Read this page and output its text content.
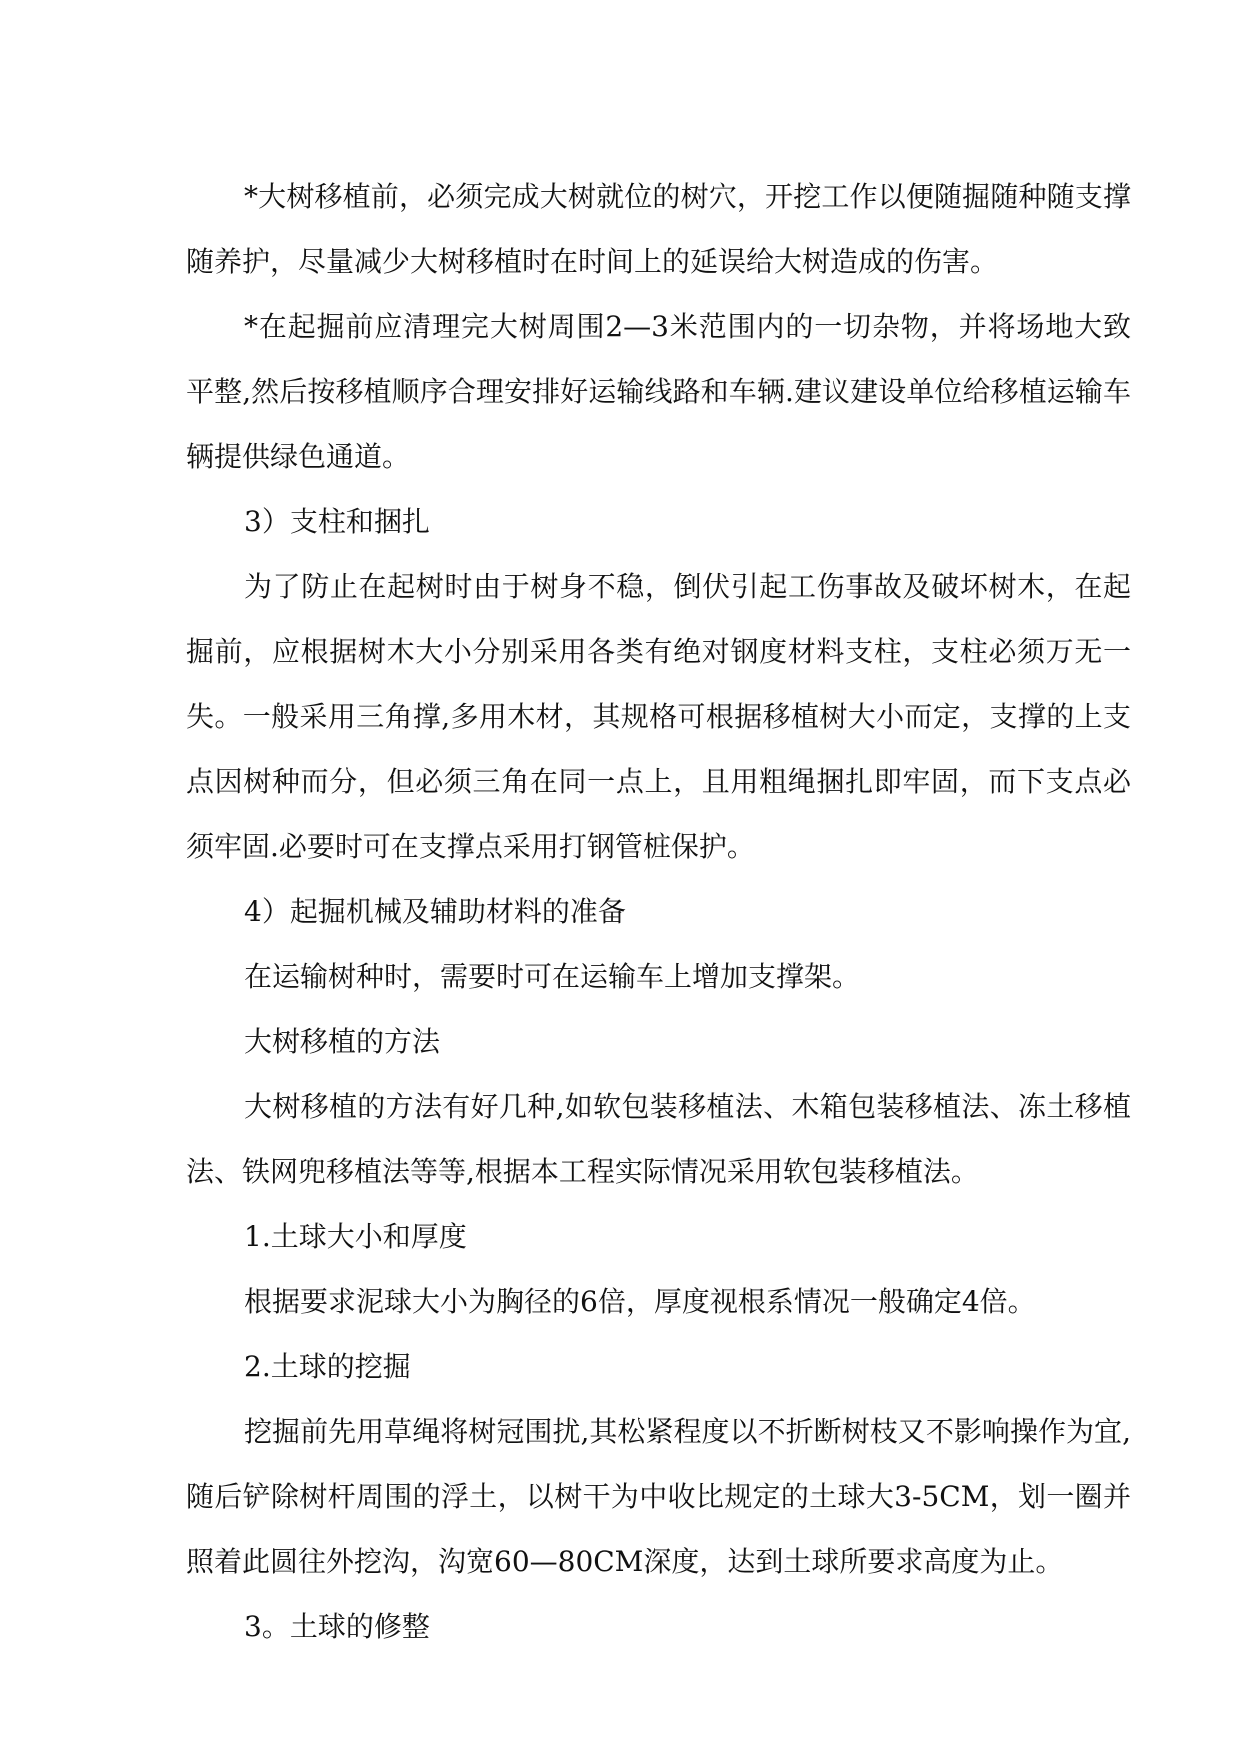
*大树移植前，必须完成大树就位的树穴，开挖工作以便随掘随种随支撑随养护，尽量减少大树移植时在时间上的延误给大树造成的伤害。

*在起掘前应清理完大树周围2—3米范围内的一切杂物，并将场地大致平整,然后按移植顺序合理安排好运输线路和车辆.建议建设单位给移植运输车辆提供绿色通道。

3）支柱和捆扎

为了防止在起树时由于树身不稳，倒伏引起工伤事故及破坏树木，在起掘前，应根据树木大小分别采用各类有绝对钢度材料支柱，支柱必须万无一失。一般采用三角撑,多用木材，其规格可根据移植树大小而定，支撑的上支点因树种而分，但必须三角在同一点上，且用粗绳捆扎即牢固，而下支点必须牢固.必要时可在支撑点采用打钢管桩保护。

4）起掘机械及辅助材料的准备

在运输树种时，需要时可在运输车上增加支撑架。

大树移植的方法

大树移植的方法有好几种,如软包装移植法、木箱包装移植法、冻土移植法、铁网兜移植法等等,根据本工程实际情况采用软包装移植法。

1.土球大小和厚度

根据要求泥球大小为胸径的6倍，厚度视根系情况一般确定4倍。

2.土球的挖掘

挖掘前先用草绳将树冠围扰,其松紧程度以不折断树枝又不影响操作为宜,随后铲除树杆周围的浮土，以树干为中收比规定的土球大3-5CM，划一圈并照着此圆往外挖沟，沟宽60—80CM深度，达到土球所要求高度为止。

3。土球的修整
